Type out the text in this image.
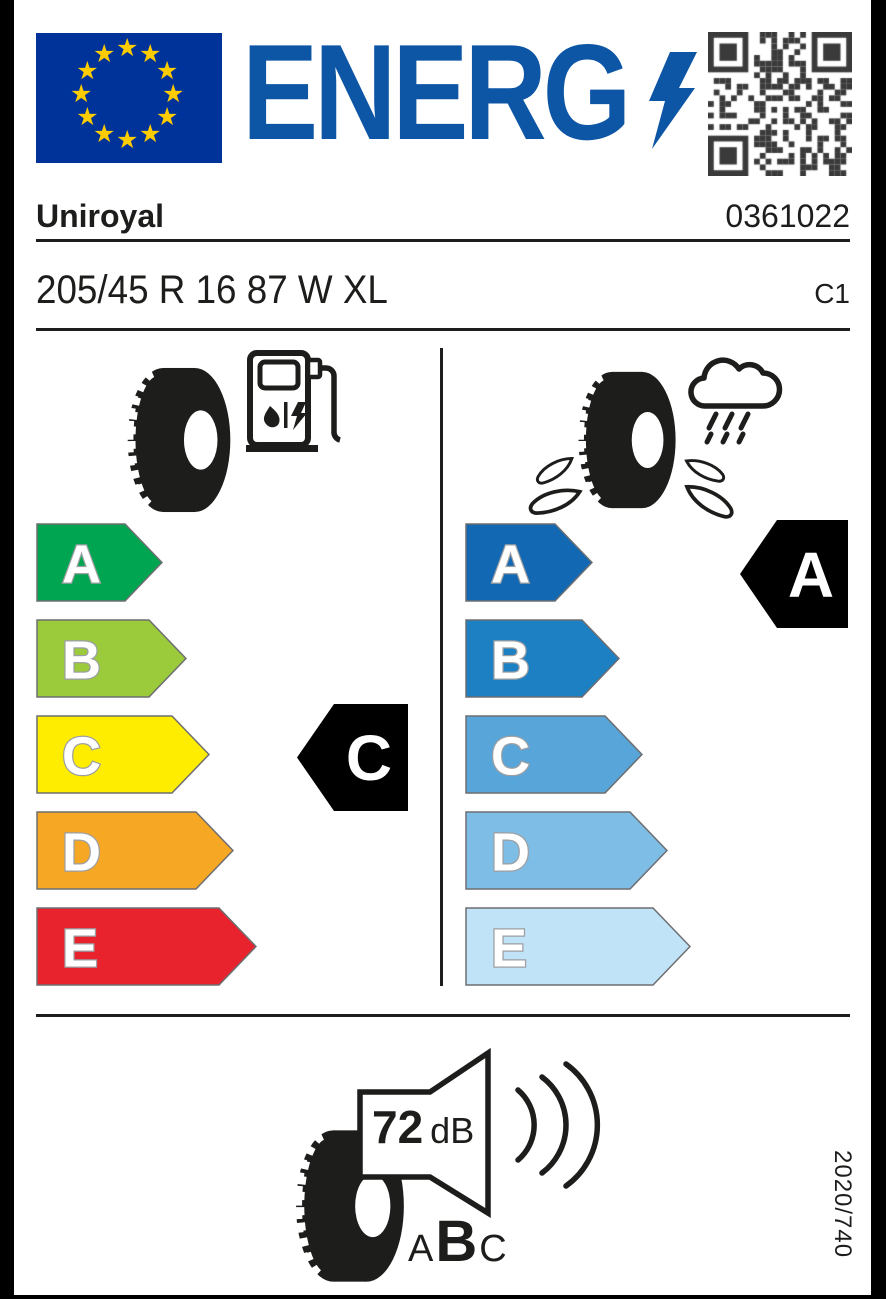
★ ★
★
★
★
★
★
★
★
★
★
★ ENERG
Uniroyal	0361022
205/45 R 16 87 W XL	C1
A
B
C
D
E
A
B
C
D
E
C
A
72 dB
A B C	2020/740
